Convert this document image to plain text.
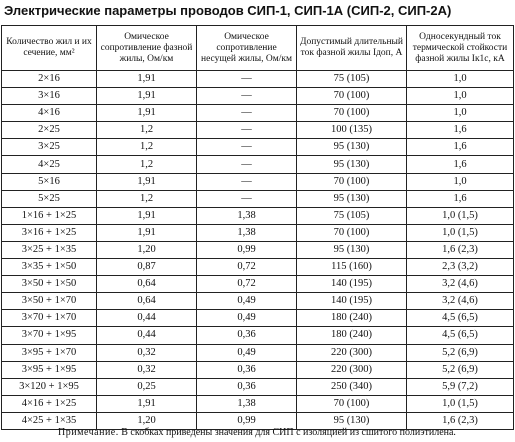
Электрические параметры проводов СИП-1, СИП-1А (СИП-2, СИП-2А)
Количество жил и их сечение, мм²	Омическое сопротивление фазной жилы, Ом/км	Омическое сопротивление несущей жилы, Ом/км	Допустимый длительный ток фазной жилы Iдоп, А	Односекундный ток термической стойкости фазной жилы Iк1с, кА
2×16	1,91	—	75 (105)	1,0
3×16	1,91	—	70 (100)	1,0
4×16	1,91	—	70 (100)	1,0
2×25	1,2	—	100 (135)	1,6
3×25	1,2	—	95 (130)	1,6
4×25	1,2	—	95 (130)	1,6
5×16	1,91	—	70 (100)	1,0
5×25	1,2	—	95 (130)	1,6
1×16 + 1×25	1,91	1,38	75 (105)	1,0 (1,5)
3×16 + 1×25	1,91	1,38	70 (100)	1,0 (1,5)
3×25 + 1×35	1,20	0,99	95 (130)	1,6 (2,3)
3×35 + 1×50	0,87	0,72	115 (160)	2,3 (3,2)
3×50 + 1×50	0,64	0,72	140 (195)	3,2 (4,6)
3×50 + 1×70	0,64	0,49	140 (195)	3,2 (4,6)
3×70 + 1×70	0,44	0,49	180 (240)	4,5 (6,5)
3×70 + 1×95	0,44	0,36	180 (240)	4,5 (6,5)
3×95 + 1×70	0,32	0,49	220 (300)	5,2 (6,9)
3×95 + 1×95	0,32	0,36	220 (300)	5,2 (6,9)
3×120 + 1×95	0,25	0,36	250 (340)	5,9 (7,2)
4×16 + 1×25	1,91	1,38	70 (100)	1,0 (1,5)
4×25 + 1×35	1,20	0,99	95 (130)	1,6 (2,3)
Примечание. В скобках приведены значения для СИП с изоляцией из сшитого полиэтилена.
